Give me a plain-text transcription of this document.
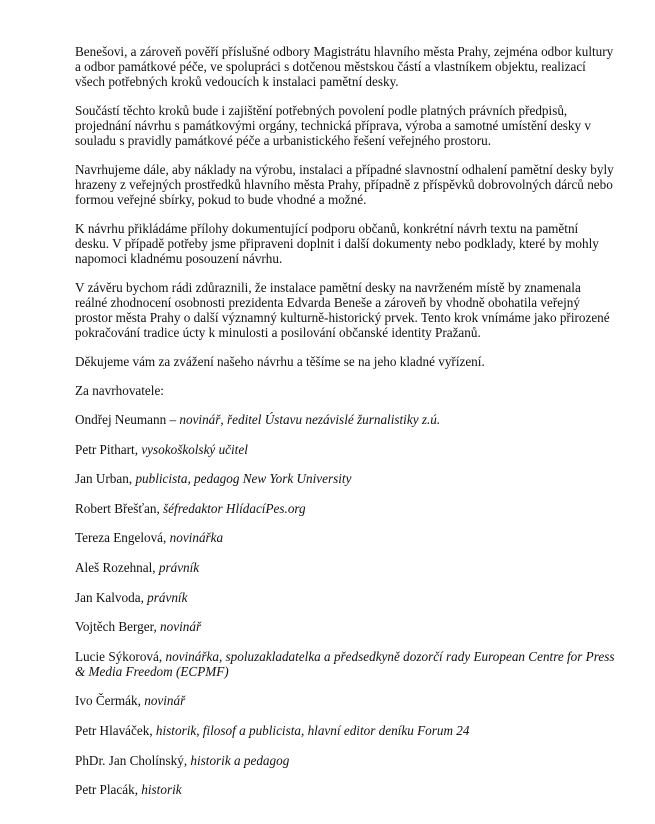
Benešovi, a zároveň pověří příslušné odbory Magistrátu hlavního města Prahy, zejména odbor kultury a odbor památkové péče, ve spolupráci s dotčenou městskou částí a vlastníkem objektu, realizací všech potřebných kroků vedoucích k instalaci pamětní desky.

Součástí těchto kroků bude i zajištění potřebných povolení podle platných právních předpisů, projednání návrhu s památkovými orgány, technická příprava, výroba a samotné umístění desky v souladu s pravidly památkové péče a urbanistického řešení veřejného prostoru.

Navrhujeme dále, aby náklady na výrobu, instalaci a případné slavnostní odhalení pamětní desky byly hrazeny z veřejných prostředků hlavního města Prahy, případně z příspěvků dobrovolných dárců nebo formou veřejné sbírky, pokud to bude vhodné a možné.

K návrhu přikládáme přílohy dokumentující podporu občanů, konkrétní návrh textu na pamětní desku. V případě potřeby jsme připraveni doplnit i další dokumenty nebo podklady, které by mohly napomoci kladnému posouzení návrhu.

V závěru bychom rádi zdůraznili, že instalace pamětní desky na navrženém místě by znamenala reálné zhodnocení osobnosti prezidenta Edvarda Beneše a zároveň by vhodně obohatila veřejný prostor města Prahy o další významný kulturně-historický prvek. Tento krok vnímáme jako přirozené pokračování tradice úcty k minulosti a posilování občanské identity Pražanů.

Děkujeme vám za zvážení našeho návrhu a těšíme se na jeho kladné vyřízení.

Za navrhovatele:

Ondřej Neumann – novinář, ředitel Ústavu nezávislé žurnalistiky z.ú.

Petr Pithart, vysokoškolský učitel

Jan Urban, publicista, pedagog New York University

Robert Břešťan, šéfredaktor HlídacíPes.org

Tereza Engelová, novinářka

Aleš Rozehnal, právník

Jan Kalvoda, právník

Vojtěch Berger, novinář

Lucie Sýkorová, novinářka, spoluzakladatelka a předsedkyně dozorčí rady European Centre for Press & Media Freedom (ECPMF)

Ivo Čermák, novinář

Petr Hlaváček, historik, filosof a publicista, hlavní editor deníku Forum 24

PhDr. Jan Cholínský, historik a pedagog

Petr Placák, historik
